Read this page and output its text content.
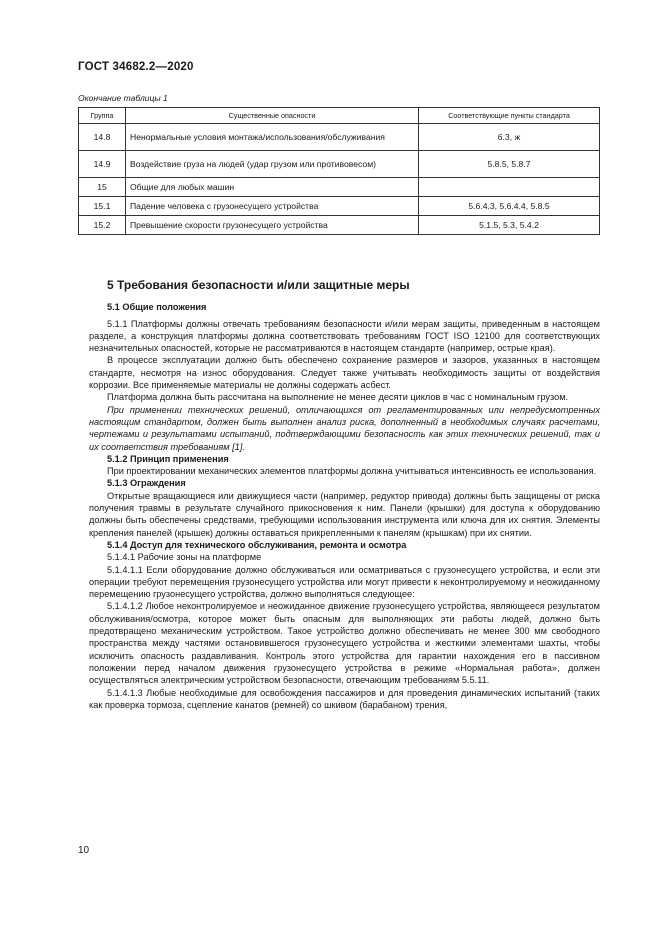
ГОСТ 34682.2—2020
Окончание таблицы 1
Группа	Существенные опасности	Соответствующие пункты стандарта
14.8	Ненормальные условия монтажа/использования/обслуживания	6.3, ж
14.9	Воздействие груза на людей (удар грузом или противовесом)	5.8.5, 5.8.7
15	Общие для любых машин	
15.1	Падение человека с грузонесущего устройства	5.6.4.3, 5.6.4.4, 5.8.5
15.2	Превышение скорости грузонесущего устройства	5.1.5, 5.3, 5.4.2
5 Требования безопасности и/или защитные меры
5.1 Общие положения

5.1.1 Платформы должны отвечать требованиям безопасности и/или мерам защиты, приведенным в настоящем разделе, а конструкция платформы должна соответствовать требованиям ГОСТ ISO 12100 для соответствующих незначительных опасностей, которые не рассматриваются в настоящем стандарте (например, острые края).

В процессе эксплуатации должно быть обеспечено сохранение размеров и зазоров, указанных в настоящем стандарте, несмотря на износ оборудования. Следует также учитывать необходимость защиты от воздействия коррозии. Все применяемые материалы не должны содержать асбест.

Платформа должна быть рассчитана на выполнение не менее десяти циклов в час с номинальным грузом.

При применении технических решений, отличающихся от регламентированных или непредусмотренных настоящим стандартом, должен быть выполнен анализ риска, дополненный в необходимых случаях расчетами, чертежами и результатами испытаний, подтверждающими безопасность как этих технических решений, так и их соответствия требованиям [1].

5.1.2 Принцип применения

При проектировании механических элементов платформы должна учитываться интенсивность ее использования.

5.1.3 Ограждения

Открытые вращающиеся или движущиеся части (например, редуктор привода) должны быть защищены от риска получения травмы в результате случайного прикосновения к ним. Панели (крышки) для доступа к оборудованию должны быть обеспечены средствами, требующими использования инструмента или ключа для их снятия. Элементы крепления панелей (крышек) должны оставаться прикрепленными к панелям (крышкам) при их снятии.

5.1.4 Доступ для технического обслуживания, ремонта и осмотра

5.1.4.1 Рабочие зоны на платформе

5.1.4.1.1 Если оборудование должно обслуживаться или осматриваться с грузонесущего устройства, и если эти операции требуют перемещения грузонесущего устройства или могут привести к неконтролируемому и неожиданному перемещению грузонесущего устройства, должно выполняться следующее:

5.1.4.1.2 Любое неконтролируемое и неожиданное движение грузонесущего устройства, являющееся результатом обслуживания/осмотра, которое может быть опасным для выполняющих эти работы людей, должно быть предотвращено механическим устройством. Такое устройство должно обеспечивать не менее 300 мм свободного пространства между частями остановившегося грузонесущего устройства и жесткими элементами шахты, чтобы исключить опасность раздавливания. Контроль этого устройства для гарантии нахождения его в пассивном положении перед началом движения грузонесущего устройства в режиме «Нормальная работа», должен осуществляться электрическим устройством безопасности, отвечающим требованиям 5.5.11.

5.1.4.1.3 Любые необходимые для освобождения пассажиров и для проведения динамических испытаний (таких как проверка тормоза, сцепление канатов (ремней) со шкивом (барабаном) трения,

10
